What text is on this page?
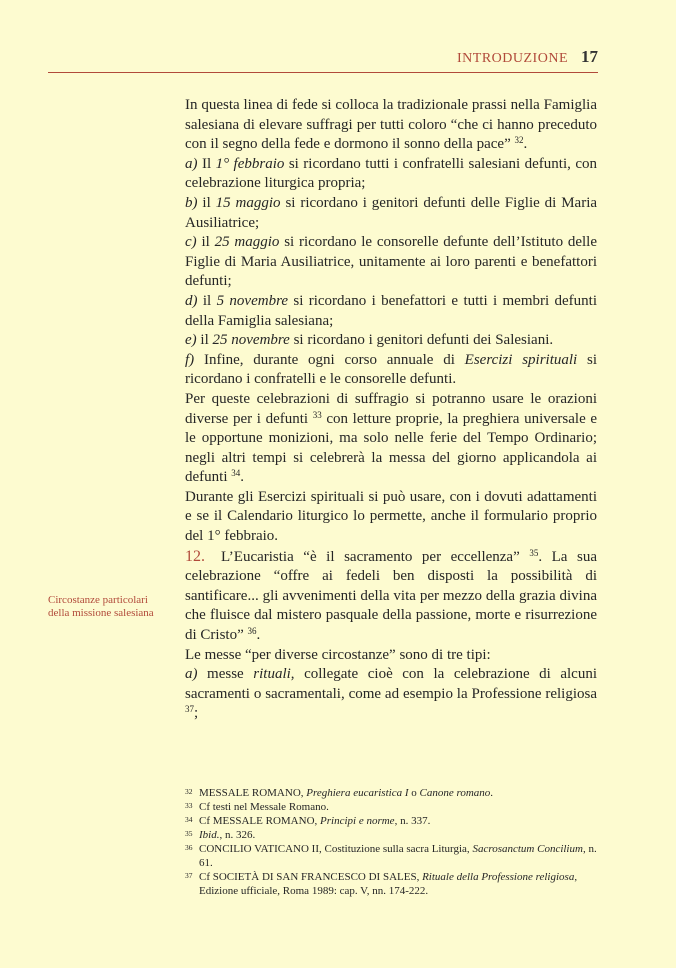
INTRODUZIONE 17
Circostanze particolari
della missione salesiana

In questa linea di fede si colloca la tradizionale prassi nella Famiglia salesiana di elevare suffragi per tutti coloro “che ci hanno preceduto con il segno della fede e dormono il sonno della pace” $^{32}$.

a) Il 1° febbraio si ricordano tutti i confratelli salesiani defunti, con celebrazione liturgica propria;

b) il 15 maggio si ricordano i genitori defunti delle Figlie di Maria Ausiliatrice;

c) il 25 maggio si ricordano le consorelle defunte dell’Istituto delle Figlie di Maria Ausiliatrice, unitamente ai loro parenti e benefattori defunti;

d) il 5 novembre si ricordano i benefattori e tutti i membri defunti della Famiglia salesiana;

e) il 25 novembre si ricordano i genitori defunti dei Salesiani.

f) Infine, durante ogni corso annuale di Esercizi spirituali si ricordano i confratelli e le consorelle defunti.

Per queste celebrazioni di suffragio si potranno usare le orazioni diverse per i defunti $^{33}$ con letture proprie, la preghiera universale e le opportune monizioni, ma solo nelle ferie del Tempo Ordinario; negli altri tempi si celebrerà la messa del giorno applicandola ai defunti $^{34}$.

Durante gli Esercizi spirituali si può usare, con i dovuti adattamenti e se il Calendario liturgico lo permette, anche il formulario proprio del 1° febbraio.

12. L’Eucaristia “è il sacramento per eccellenza” $^{35}$. La sua celebrazione “offre ai fedeli ben disposti la possibilità di santificare... gli avvenimenti della vita per mezzo della grazia divina che fluisce dal mistero pasquale della passione, morte e risurrezione di Cristo” $^{36}$.

Le messe “per diverse circostanze” sono di tre tipi:

a) messe rituali, collegate cioè con la celebrazione di alcuni sacramenti o sacramentali, come ad esempio la Professione religiosa $^{37}$;

32 MESSALE ROMANO, Preghiera eucaristica I o Canone romano.
33 Cf testi nel Messale Romano.
34 Cf MESSALE ROMANO, Principi e norme, n. 337.
35 Ibid., n. 326.
36 CONCILIO VATICANO II, Costituzione sulla sacra Liturgia, Sacrosanctum Concilium, n. 61.
37 Cf SOCIETÀ DI SAN FRANCESCO DI SALES, Rituale della Professione religiosa, Edizione ufficiale, Roma 1989: cap. V, nn. 174-222.
